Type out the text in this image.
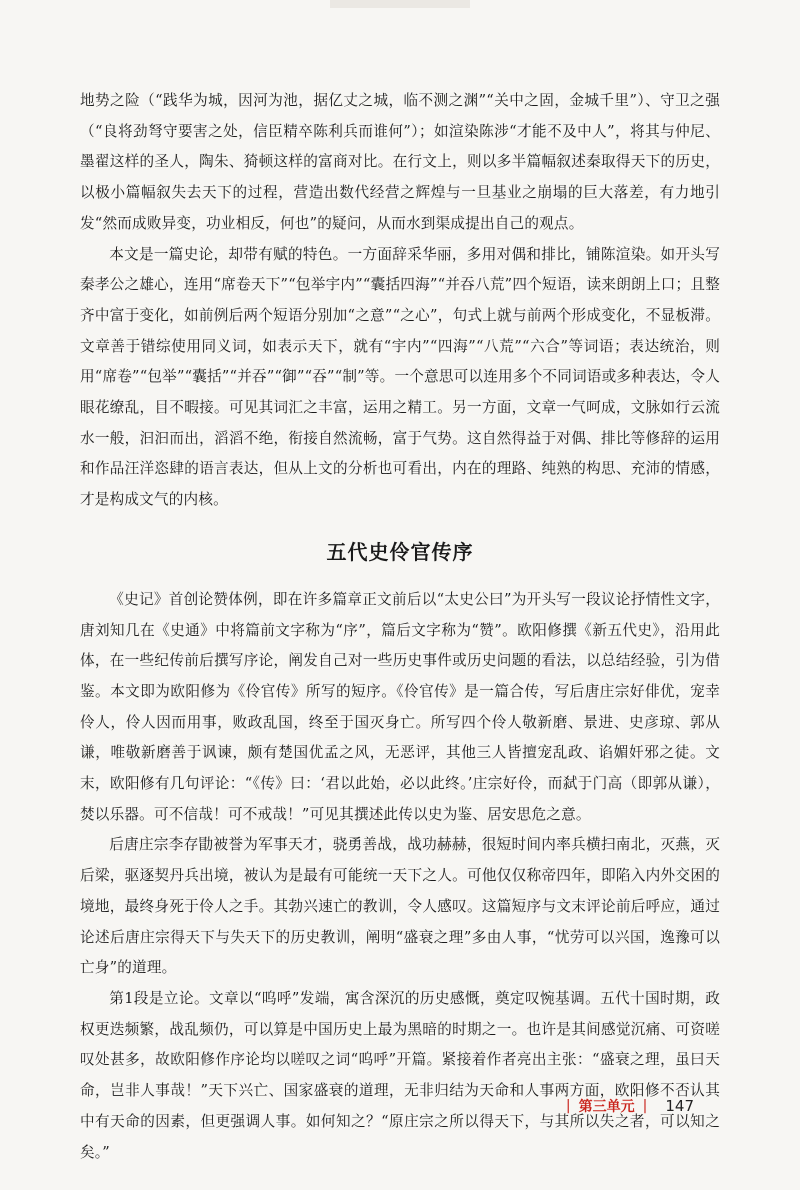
地势之险（“践华为城，因河为池，据亿丈之城，临不测之渊”“关中之固，金城千里”）、守卫之强（“良将劲弩守要害之处，信臣精卒陈利兵而谁何”）；如渲染陈涉“才能不及中人”，将其与仲尼、墨翟这样的圣人，陶朱、猗顿这样的富商对比。在行文上，则以多半篇幅叙述秦取得天下的历史，以极小篇幅叙失去天下的过程，营造出数代经营之辉煌与一旦基业之崩塌的巨大落差，有力地引发“然而成败异变，功业相反，何也”的疑问，从而水到渠成提出自己的观点。

本文是一篇史论，却带有赋的特色。一方面辞采华丽，多用对偶和排比，铺陈渲染。如开头写秦孝公之雄心，连用“席卷天下”“包举宇内”“囊括四海”“并吞八荒”四个短语，读来朗朗上口；且整齐中富于变化，如前例后两个短语分别加“之意”“之心”，句式上就与前两个形成变化，不显板滞。文章善于错综使用同义词，如表示天下，就有“宇内”“四海”“八荒”“六合”等词语；表达统治，则用“席卷”“包举”“囊括”“并吞”“御”“吞”“制”等。一个意思可以连用多个不同词语或多种表达，令人眼花缭乱，目不暇接。可见其词汇之丰富，运用之精工。另一方面，文章一气呵成，文脉如行云流水一般，汩汩而出，滔滔不绝，衔接自然流畅，富于气势。这自然得益于对偶、排比等修辞的运用和作品汪洋恣肆的语言表达，但从上文的分析也可看出，内在的理路、纯熟的构思、充沛的情感，才是构成文气的内核。

五代史伶官传序

《史记》首创论赞体例，即在许多篇章正文前后以“太史公曰”为开头写一段议论抒情性文字，唐刘知几在《史通》中将篇前文字称为“序”，篇后文字称为“赞”。欧阳修撰《新五代史》，沿用此体，在一些纪传前后撰写序论，阐发自己对一些历史事件或历史问题的看法，以总结经验，引为借鉴。本文即为欧阳修为《伶官传》所写的短序。《伶官传》是一篇合传，写后唐庄宗好俳优，宠幸伶人，伶人因而用事，败政乱国，终至于国灭身亡。所写四个伶人敬新磨、景进、史彦琼、郭从谦，唯敬新磨善于讽谏，颇有楚国优孟之风，无恶评，其他三人皆擅宠乱政、谄媚奸邪之徒。文末，欧阳修有几句评论：“《传》曰：‘君以此始，必以此终。’庄宗好伶，而弑于门高（即郭从谦），焚以乐器。可不信哉！可不戒哉！”可见其撰述此传以史为鉴、居安思危之意。

后唐庄宗李存勖被誉为军事天才，骁勇善战，战功赫赫，很短时间内率兵横扫南北，灭燕，灭后梁，驱逐契丹兵出境，被认为是最有可能统一天下之人。可他仅仅称帝四年，即陷入内外交困的境地，最终身死于伶人之手。其勃兴速亡的教训，令人感叹。这篇短序与文末评论前后呼应，通过论述后唐庄宗得天下与失天下的历史教训，阐明“盛衰之理”多由人事，“忧劳可以兴国，逸豫可以亡身”的道理。

第1段是立论。文章以“呜呼”发端，寓含深沉的历史感慨，奠定叹惋基调。五代十国时期，政权更迭频繁，战乱频仍，可以算是中国历史上最为黑暗的时期之一。也许是其间感觉沉痛、可资嗟叹处甚多，故欧阳修作序论均以嗟叹之词“呜呼”开篇。紧接着作者亮出主张：“盛衰之理，虽曰天命，岂非人事哉！”天下兴亡、国家盛衰的道理，无非归结为天命和人事两方面，欧阳修不否认其中有天命的因素，但更强调人事。如何知之？“原庄宗之所以得天下，与其所以失之者，可以知之矣。”

| 第三单元 | 147
